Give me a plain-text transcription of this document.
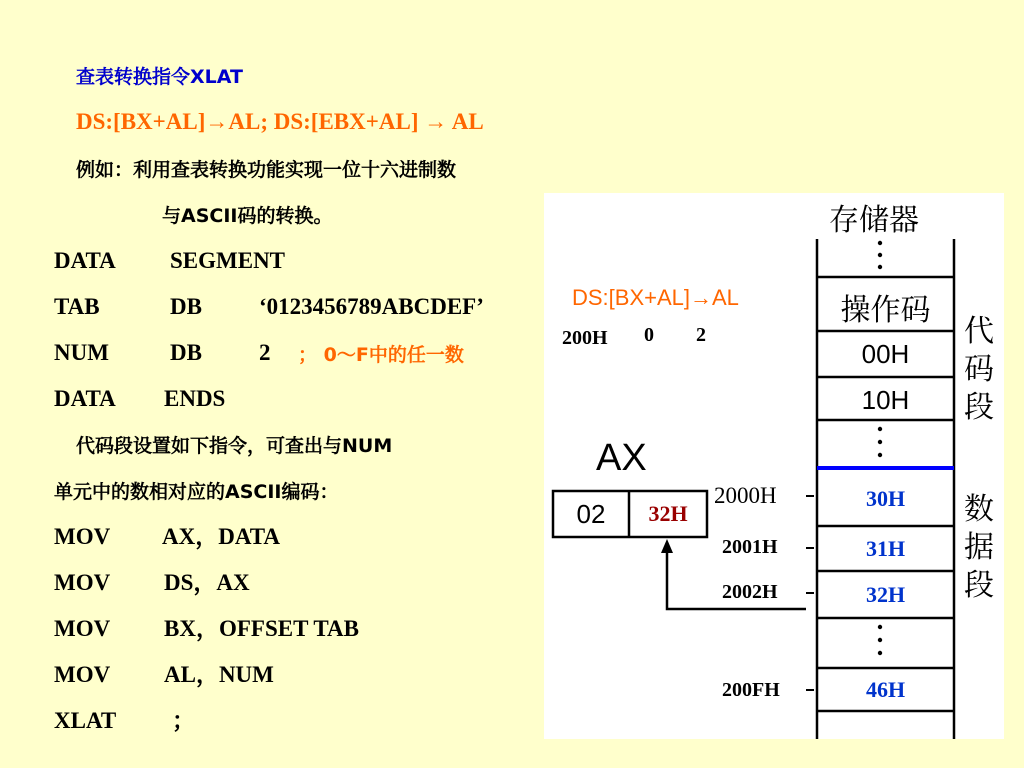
查表转换指令XLAT
DS:[BX+AL]→AL; DS:[EBX+AL] → AL
例如：利用查表转换功能实现一位十六进制数
与ASCII码的转换。
DATA SEGMENT
TAB	DB ‘0123456789ABCDEF’
NUM	DB 2 ； 0～F中的任一数
DATA ENDS
代码段设置如下指令，可查出与NUM
单元中的数相对应的ASCII编码：
MOV AX，DATA
MOV DS，AX
MOV BX，OFFSET TAB
MOV AL，NUM
XLAT ；
存储器
DS:[BX+AL]→AL
200H 0 2
操作码
00H
10H
代码段
AX
02	32H
2000H
2001H
2002H
200FH
30H
31H
32H
46H
数据段
